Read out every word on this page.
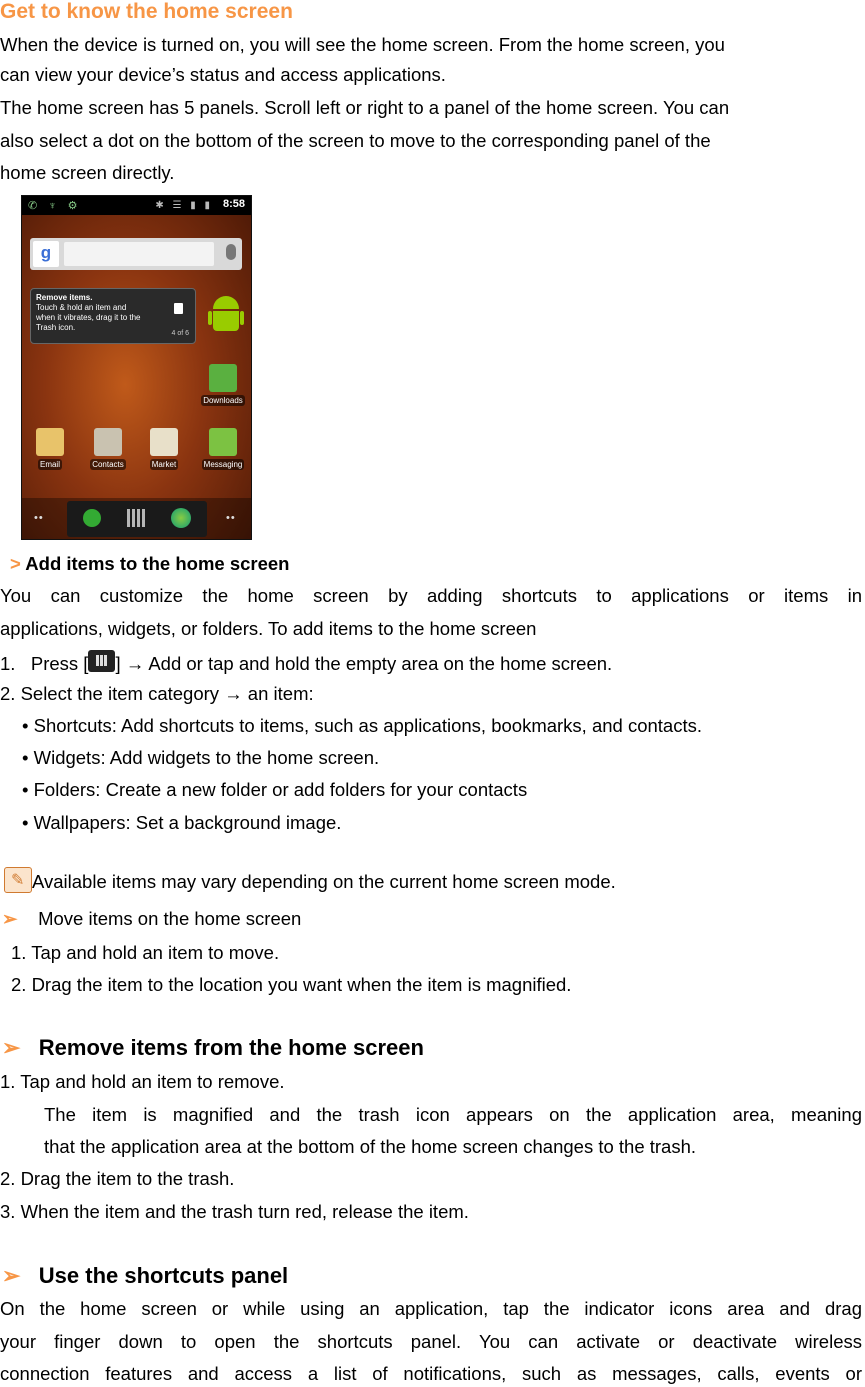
Get to know the home screen
When the device is turned on, you will see the home screen. From the home screen, you
can view your device’s status and access applications.
The home screen has 5 panels. Scroll left or right to a panel of the home screen. You can
also select a dot on the bottom of the screen to move to the corresponding panel of the
home screen directly.
✆ ♆ ⚙	✱ ☰ ▮ ▮ 8:58
g
Remove items.
Touch & hold an item and
when it vibrates, drag it to the
Trash icon.
4 of 6
Downloads
Email	Contacts	Market	Messaging
••	••
> Add items to the home screen
You can customize the home screen by adding shortcuts to applications or items in
applications, widgets, or folders. To add items to the home screen
1. Press [ ] → Add or tap and hold the empty area on the home screen.
2. Select the item category → an item:
• Shortcuts: Add shortcuts to items, such as applications, bookmarks, and contacts.
• Widgets: Add widgets to the home screen.
• Folders: Create a new folder or add folders for your contacts
• Wallpapers: Set a background image.
✎Available items may vary depending on the current home screen mode.
➢ Move items on the home screen
1. Tap and hold an item to move.
2. Drag the item to the location you want when the item is magnified.
➢ Remove items from the home screen
1. Tap and hold an item to remove.
The item is magnified and the trash icon appears on the application area, meaning
that the application area at the bottom of the home screen changes to the trash.
2. Drag the item to the trash.
3. When the item and the trash turn red, release the item.
➢ Use the shortcuts panel
On the home screen or while using an application, tap the indicator icons area and drag
your finger down to open the shortcuts panel. You can activate or deactivate wireless
connection features and access a list of notifications, such as messages, calls, events or
